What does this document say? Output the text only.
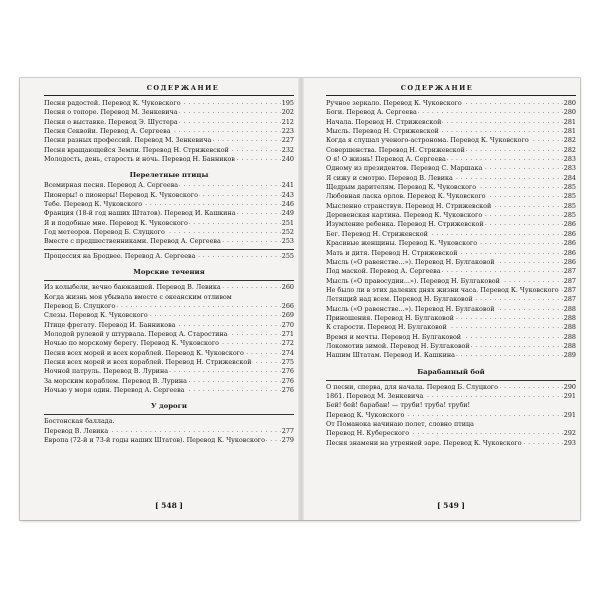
СОДЕРЖАНИЕ
Песня радостей. Перевод К. Чуковского . . .	195
Песня о топоре. Перевод М. Зенкевича . . .	202
Песня о выставке. Перевод Э. Шустера . . .	212
Песня Секвойи. Перевод А. Сергеева . . .	223
Песня разных профессий. Перевод М. Зенкевича . . .	227
Песня вращающейся Земли. Перевод Н. Стрижевской . . .	232
Молодость, день, старость и ночь. Перевод Н. Банников . . .	240
Перелетные птицы
Всемирная песня. Перевод А. Сергеева . . .	241
Пионеры! о пионеры! Перевод К. Чуковского . . .	243
Тебе. Перевод К. Чуковского . . .	246
Франция (18-й год наших Штатов). Перевод И. Кашкина . . .	249
Я и подобные мне. Перевод К. Чуковского . . .	251
Год метеоров. Перевод Б. Слуцкого . . .	252
Вместе с предшественниками. Перевод А. Сергеева . . .	253
Процессия на Бродвее. Перевод А. Сергеева . . .	255
Морские течения
Из колыбели, вечно баюкавшей. Перевод В. Левика . . .	260
Когда жизнь моя убывала вместе с океанским отливом
Перевод Б. Слуцкого . . .	266
Слезы. Перевод К. Чуковского . . .	269
Птице фрегату. Перевод И. Банникова . . .	270
Молодой рулевой у штурвала. Перевод А. Старостина . . .	271
Ночью по морскому берегу. Перевод К. Чуковского . . .	272
Песня всех морей и всех кораблей. Перевод К. Чуковского . . .	274
Песня всех морей и всех кораблей. Перевод Н. Стрижевской . . .	275
Ночной патруль. Перевод В. Лурина . . .	276
За морским кораблем. Перевод В. Лурина . . .	276
Ночью у моря один. Перевод А. Сергеева . . .	276
У дороги
Бостонская баллада.
Перевод В. Левика . . .	277
Европа (72-й и 73-й годы наших Штатов). Перевод К. Чуковского . . .	279
[ 548 ]
СОДЕРЖАНИЕ
Ручное зеркало. Перевод К. Чуковского . . .	280
Боги. Перевод А. Сергеева . . .	280
Начала. Перевод Н. Стрижевской . . .	281
Мысль. Перевод Н. Стрижевской . . .	281
Когда я слушал ученого-астронома. Перевод К. Чуковского . . .	282
Совершенства. Перевод Н. Стрижевской . . .	282
О я! О жизнь! Перевод А. Сергеева . . .	283
Одному из президентов. Перевод С. Маршака . . .	283
Я сижу и смотрю. Перевод В. Левика . . .	284
Щедрым дарителям. Перевод К. Чуковского . . .	285
Любовная ласка орлов. Перевод К. Чуковского . . .	285
Мысленно странствуя. Перевод Н. Стрижевской . . .	285
Деревенская картина. Перевод К. Чуковского . . .	285
Изумление ребенка. Перевод Н. Стрижевской . . .	286
Бег. Перевод Н. Стрижевской . . .	286
Красивые женщины. Перевод К. Чуковского . . .	286
Мать и дитя. Перевод Н. Стрижевской . . .	286
Мысль («О равенстве...»). Перевод Н. Булгаковой . . .	286
Под маской. Перевод А. Сергеева . . .	287
Мысль («О правосудии...»). Перевод Н. Булгаковой . . .	287
Не было ли в этих далеких днях жизни часа. Перевод К. Чуковского . . . 287
Летящий над всем. Перевод Н. Булгаковой . . .	287
Мысль («О равенстве...»). Перевод Н. Булгаковой . . .	288
Приношения. Перевод Н. Булгаковой . . .	288
К старости. Перевод Н. Булгаковой . . .	288
Время и мечты. Перевод Н. Булгаковой . . .	288
Локомотив зимой. Перевод Н. Булгаковой . . .	288
Нашим Штатам. Перевод И. Кашкина . . .	289
Барабанный бой
О песни, сперва, для начала. Перевод Б. Слуцкого . . .	290
1861. Перевод М. Зенкевича . . .	291
Бей! бей! барабан! — труби! труба! труби!
Перевод К. Чуковского . . .	291
От Поманока начинаю полет, словно птица
Перевод Н. Кубереского . . .	292
Песня знамени на утренней заре. Перевод К. Чуковского . . .	293
[ 549 ]
